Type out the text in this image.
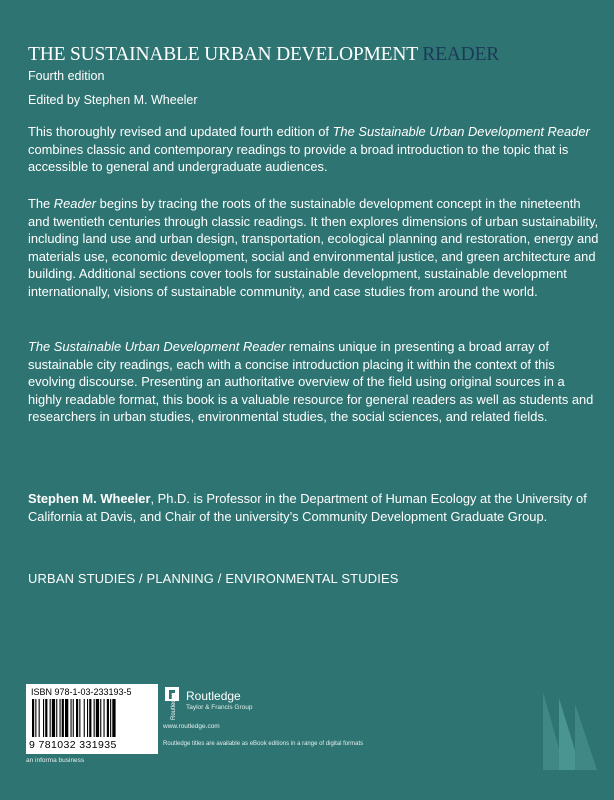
THE SUSTAINABLE URBAN DEVELOPMENT READER
Fourth edition
Edited by Stephen M. Wheeler

This thoroughly revised and updated fourth edition of The Sustainable Urban Development Reader combines classic and contemporary readings to provide a broad introduction to the topic that is accessible to general and undergraduate audiences.

The Reader begins by tracing the roots of the sustainable development concept in the nineteenth and twentieth centuries through classic readings. It then explores dimensions of urban sustainability, including land use and urban design, transportation, ecological planning and restoration, energy and materials use, economic development, social and environmental justice, and green architecture and building. Additional sections cover tools for sustainable development, sustainable development internationally, visions of sustainable community, and case studies from around the world.

The Sustainable Urban Development Reader remains unique in presenting a broad array of sustainable city readings, each with a concise introduction placing it within the context of this evolving discourse. Presenting an authoritative overview of the field using original sources in a highly readable format, this book is a valuable resource for general readers as well as students and researchers in urban studies, environmental studies, the social sciences, and related fields.

Stephen M. Wheeler, Ph.D. is Professor in the Department of Human Ecology at the University of California at Davis, and Chair of the university’s Community Development Graduate Group.

URBAN STUDIES / PLANNING / ENVIRONMENTAL STUDIES
ISBN 978-1-03-233193-5
9 781032 331935
an informa business
Routledge Routledge
Taylor & Francis Group
www.routledge.com
Routledge titles are available as eBook editions in a range of digital formats
